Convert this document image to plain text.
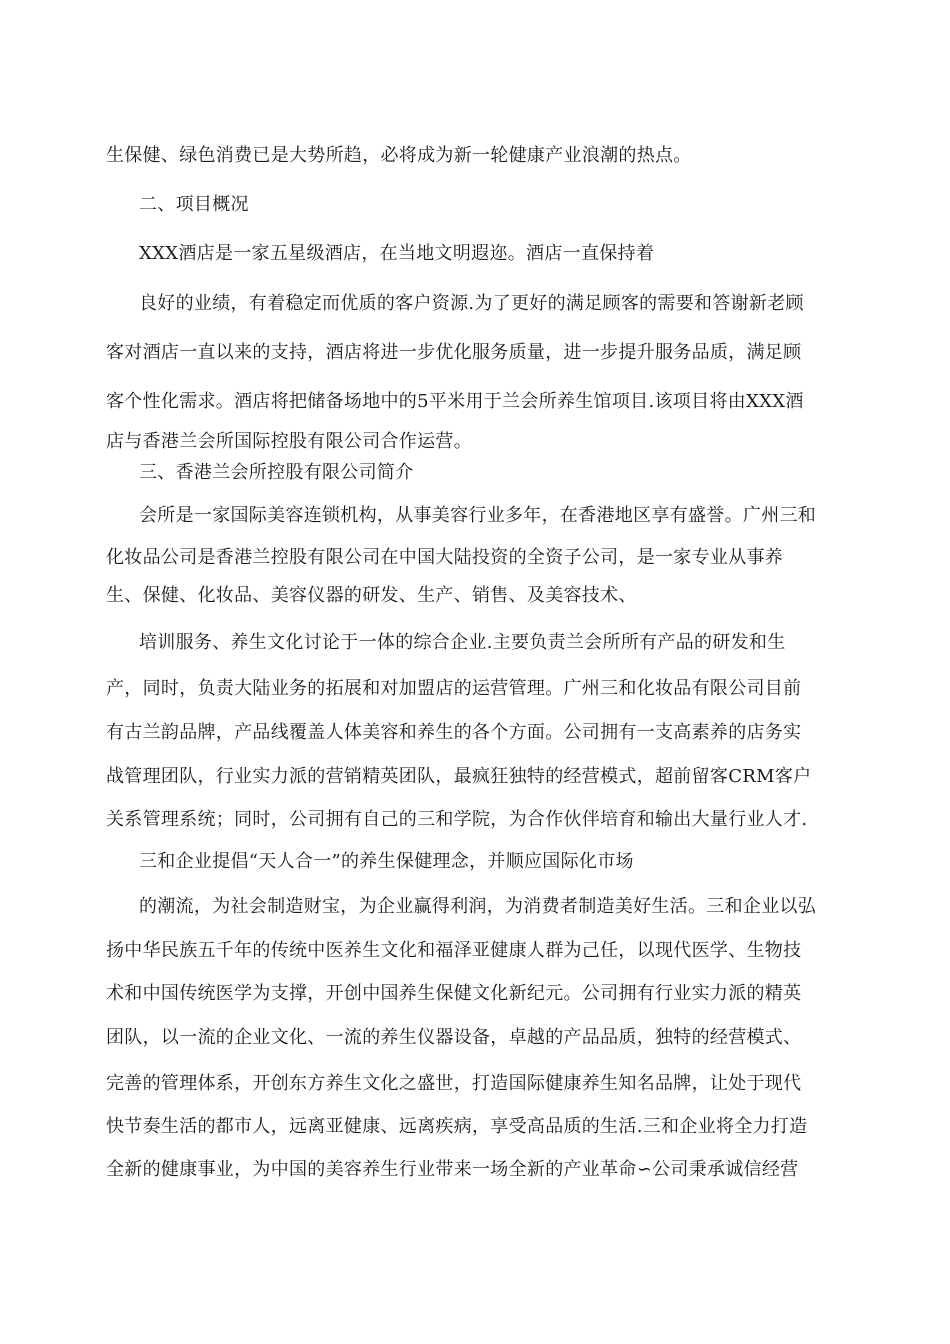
生保健、绿色消费已是大势所趋，必将成为新一轮健康产业浪潮的热点。
二、项目概况
XXX酒店是一家五星级酒店，在当地文明遐迩。酒店一直保持着
良好的业绩，有着稳定而优质的客户资源.为了更好的满足顾客的需要和答谢新老顾
客对酒店一直以来的支持，酒店将进一步优化服务质量，进一步提升服务品质，满足顾
客个性化需求。酒店将把储备场地中的5平米用于兰会所养生馆项目.该项目将由XXX酒
店与香港兰会所国际控股有限公司合作运营。
三、香港兰会所控股有限公司简介
会所是一家国际美容连锁机构，从事美容行业多年，在香港地区享有盛誉。广州三和
化妆品公司是香港兰控股有限公司在中国大陆投资的全资子公司，是一家专业从事养
生、保健、化妆品、美容仪器的研发、生产、销售、及美容技术、
培训服务、养生文化讨论于一体的综合企业.主要负责兰会所所有产品的研发和生
产，同时，负责大陆业务的拓展和对加盟店的运营管理。广州三和化妆品有限公司目前
有古兰韵品牌，产品线覆盖人体美容和养生的各个方面。公司拥有一支高素养的店务实
战管理团队，行业实力派的营销精英团队，最疯狂独特的经营模式，超前留客CRM客户
关系管理系统；同时，公司拥有自己的三和学院，为合作伙伴培育和输出大量行业人才.
三和企业提倡“天人合一”的养生保健理念，并顺应国际化市场
的潮流，为社会制造财宝，为企业赢得利润，为消费者制造美好生活。三和企业以弘
扬中华民族五千年的传统中医养生文化和福泽亚健康人群为己任，以现代医学、生物技
术和中国传统医学为支撑，开创中国养生保健文化新纪元。公司拥有行业实力派的精英
团队，以一流的企业文化、一流的养生仪器设备，卓越的产品品质，独特的经营模式、
完善的管理体系，开创东方养生文化之盛世，打造国际健康养生知名品牌，让处于现代
快节奏生活的都市人，远离亚健康、远离疾病，享受高品质的生活.三和企业将全力打造
全新的健康事业，为中国的美容养生行业带来一场全新的产业革命∽公司秉承诚信经营
